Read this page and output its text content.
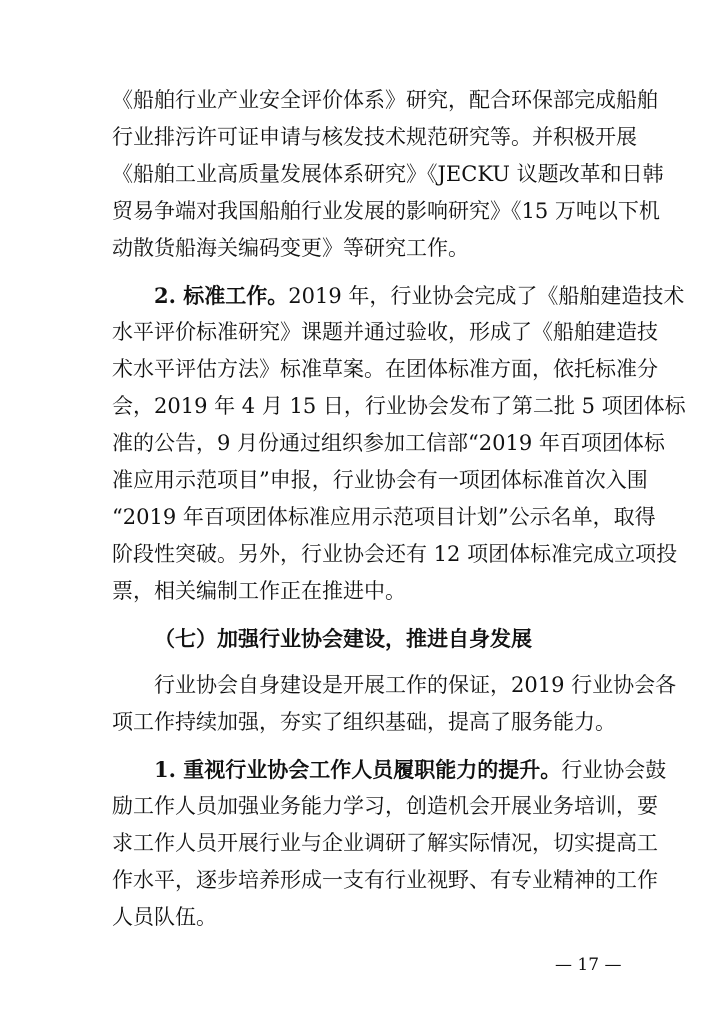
《船舶行业产业安全评价体系》研究，配合环保部完成船舶
行业排污许可证申请与核发技术规范研究等。并积极开展
《船舶工业高质量发展体系研究》《JECKU 议题改革和日韩
贸易争端对我国船舶行业发展的影响研究》《15 万吨以下机
动散货船海关编码变更》等研究工作。
2. 标准工作。2019 年，行业协会完成了《船舶建造技术
水平评价标准研究》课题并通过验收，形成了《船舶建造技
术水平评估方法》标准草案。在团体标准方面，依托标准分
会，2019 年 4 月 15 日，行业协会发布了第二批 5 项团体标
准的公告，9 月份通过组织参加工信部“2019 年百项团体标
准应用示范项目”申报，行业协会有一项团体标准首次入围
“2019 年百项团体标准应用示范项目计划”公示名单，取得
阶段性突破。另外，行业协会还有 12 项团体标准完成立项投
票，相关编制工作正在推进中。
（七）加强行业协会建设，推进自身发展
行业协会自身建设是开展工作的保证，2019 行业协会各
项工作持续加强，夯实了组织基础，提高了服务能力。
1. 重视行业协会工作人员履职能力的提升。行业协会鼓
励工作人员加强业务能力学习，创造机会开展业务培训，要
求工作人员开展行业与企业调研了解实际情况，切实提高工
作水平，逐步培养形成一支有行业视野、有专业精神的工作
人员队伍。
— 17 —
